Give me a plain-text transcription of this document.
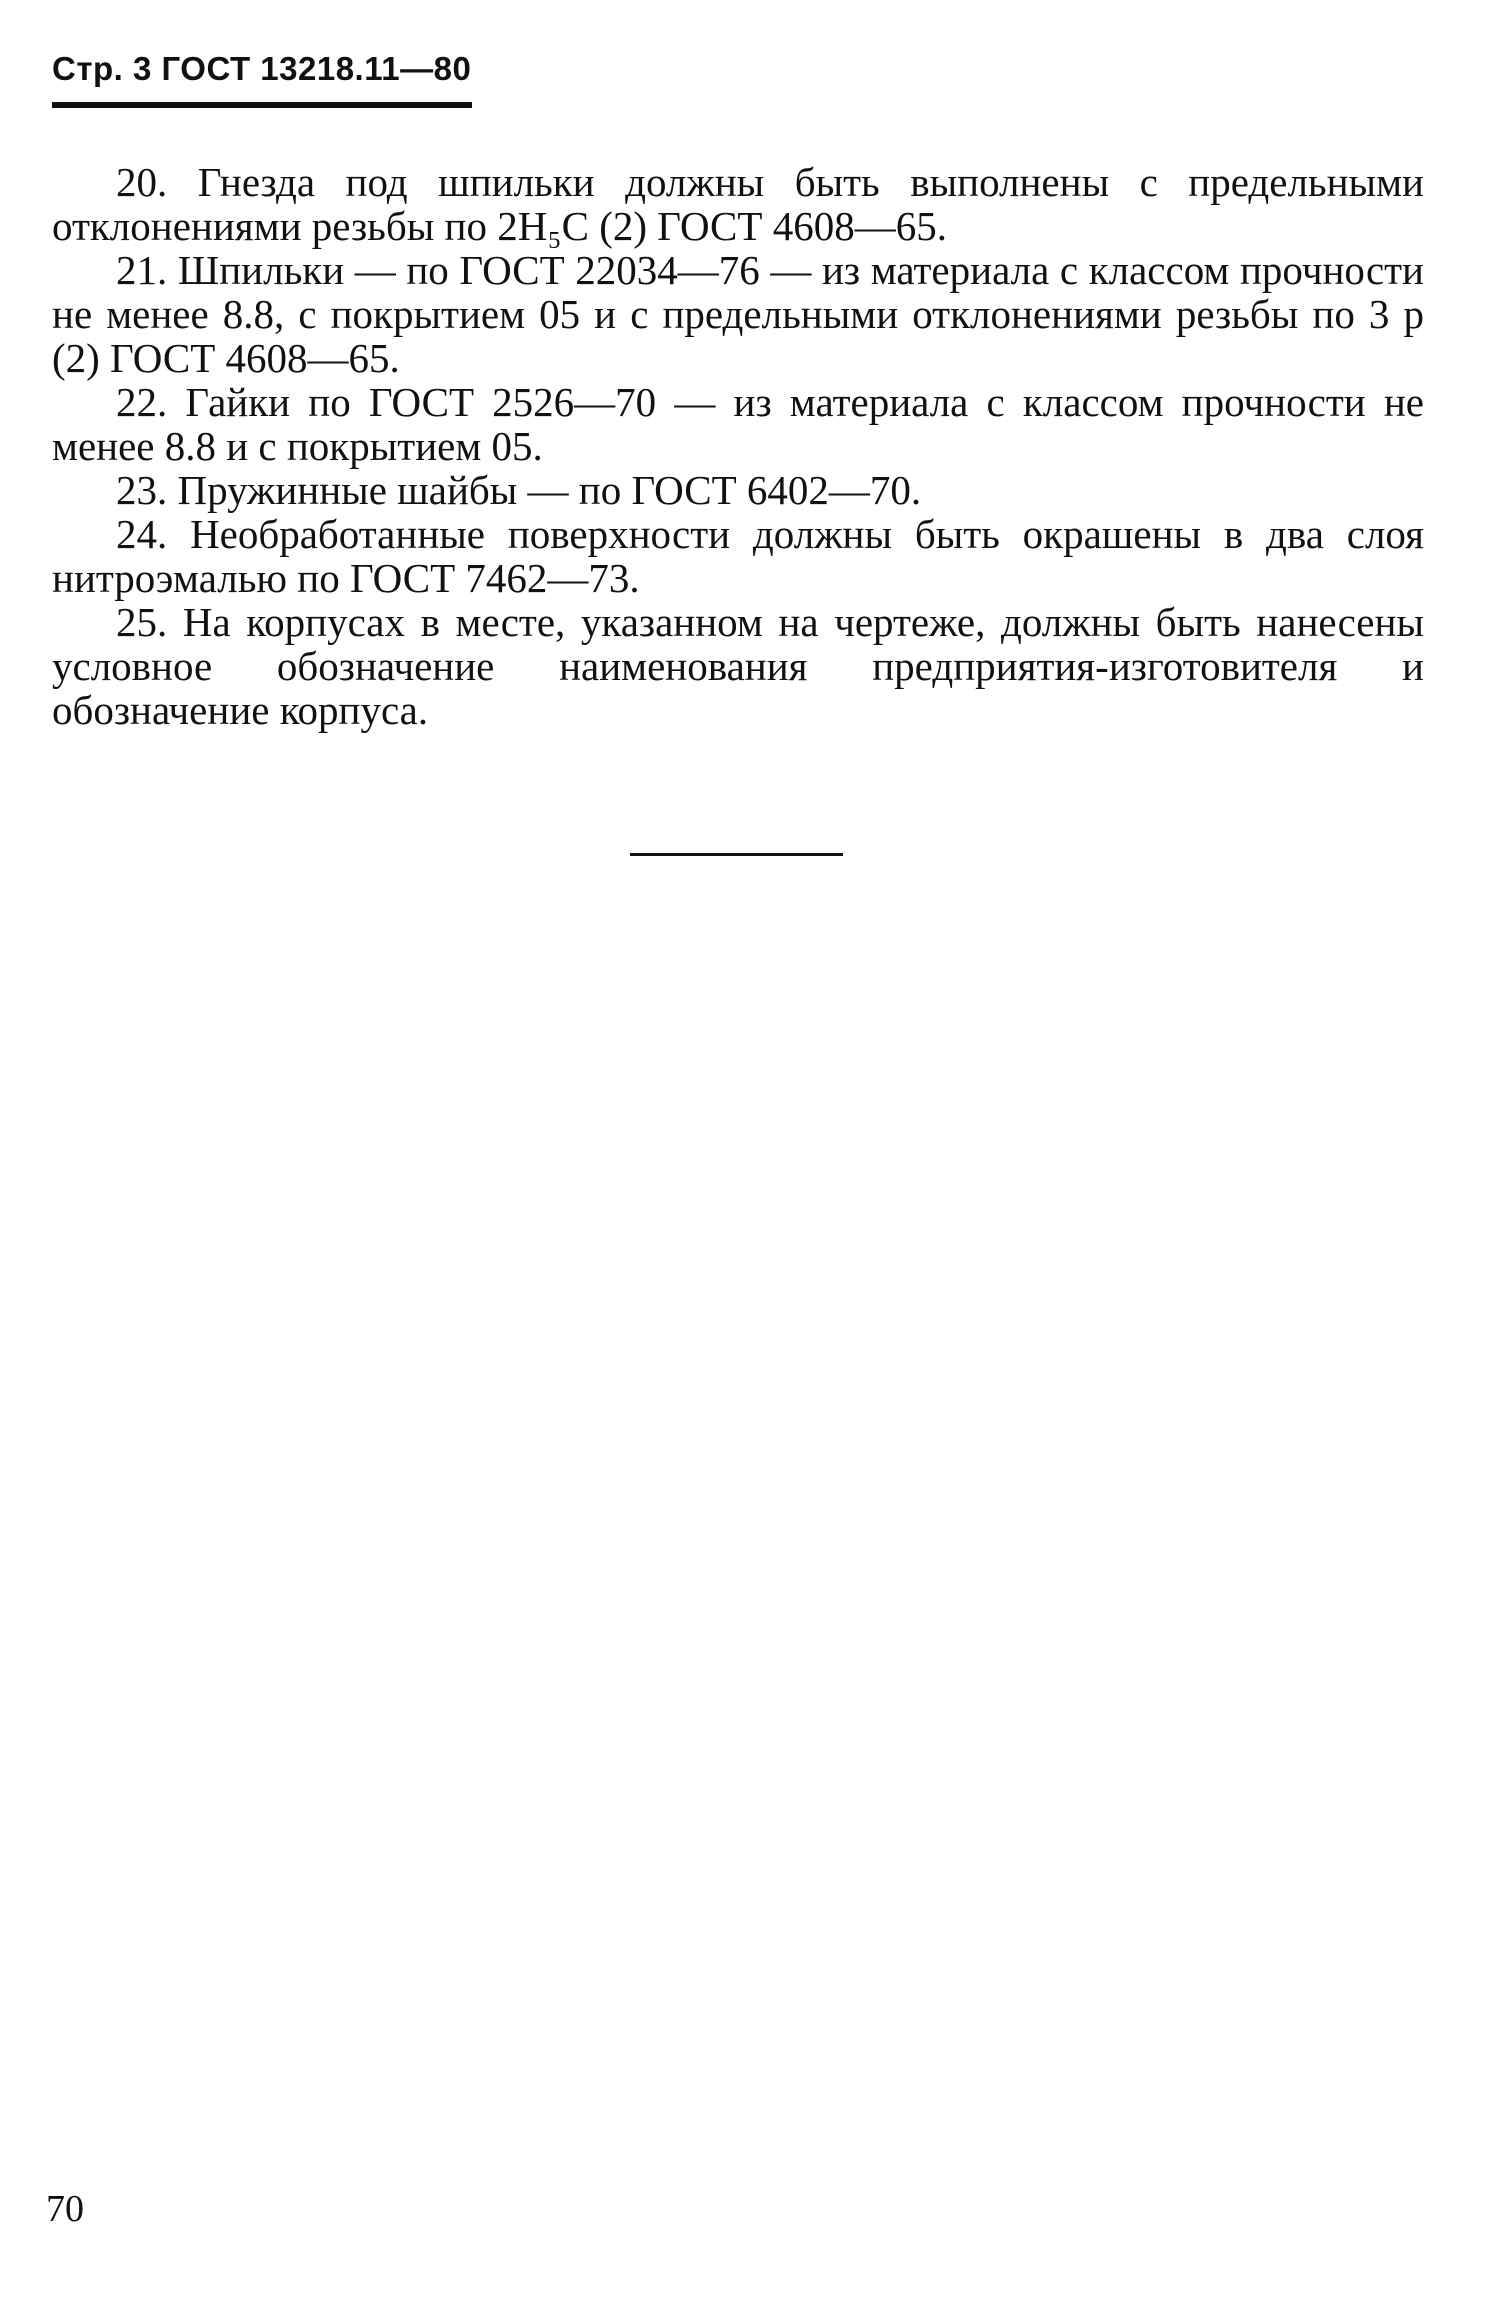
Стр. 3 ГОСТ 13218.11—80

20. Гнезда под шпильки должны быть выполнены с предельными отклонениями резьбы по 2H₅C (2) ГОСТ 4608—65.

21. Шпильки — по ГОСТ 22034—76 — из материала с классом прочности не менее 8.8, с покрытием 05 и с предельными отклонениями резьбы по 3 p (2) ГОСТ 4608—65.

22. Гайки по ГОСТ 2526—70 — из материала с классом прочности не менее 8.8 и с покрытием 05.

23. Пружинные шайбы — по ГОСТ 6402—70.

24. Необработанные поверхности должны быть окрашены в два слоя нитроэмалью по ГОСТ 7462—73.

25. На корпусах в месте, указанном на чертеже, должны быть нанесены условное обозначение наименования предприятия-изготовителя и обозначение корпуса.

70
